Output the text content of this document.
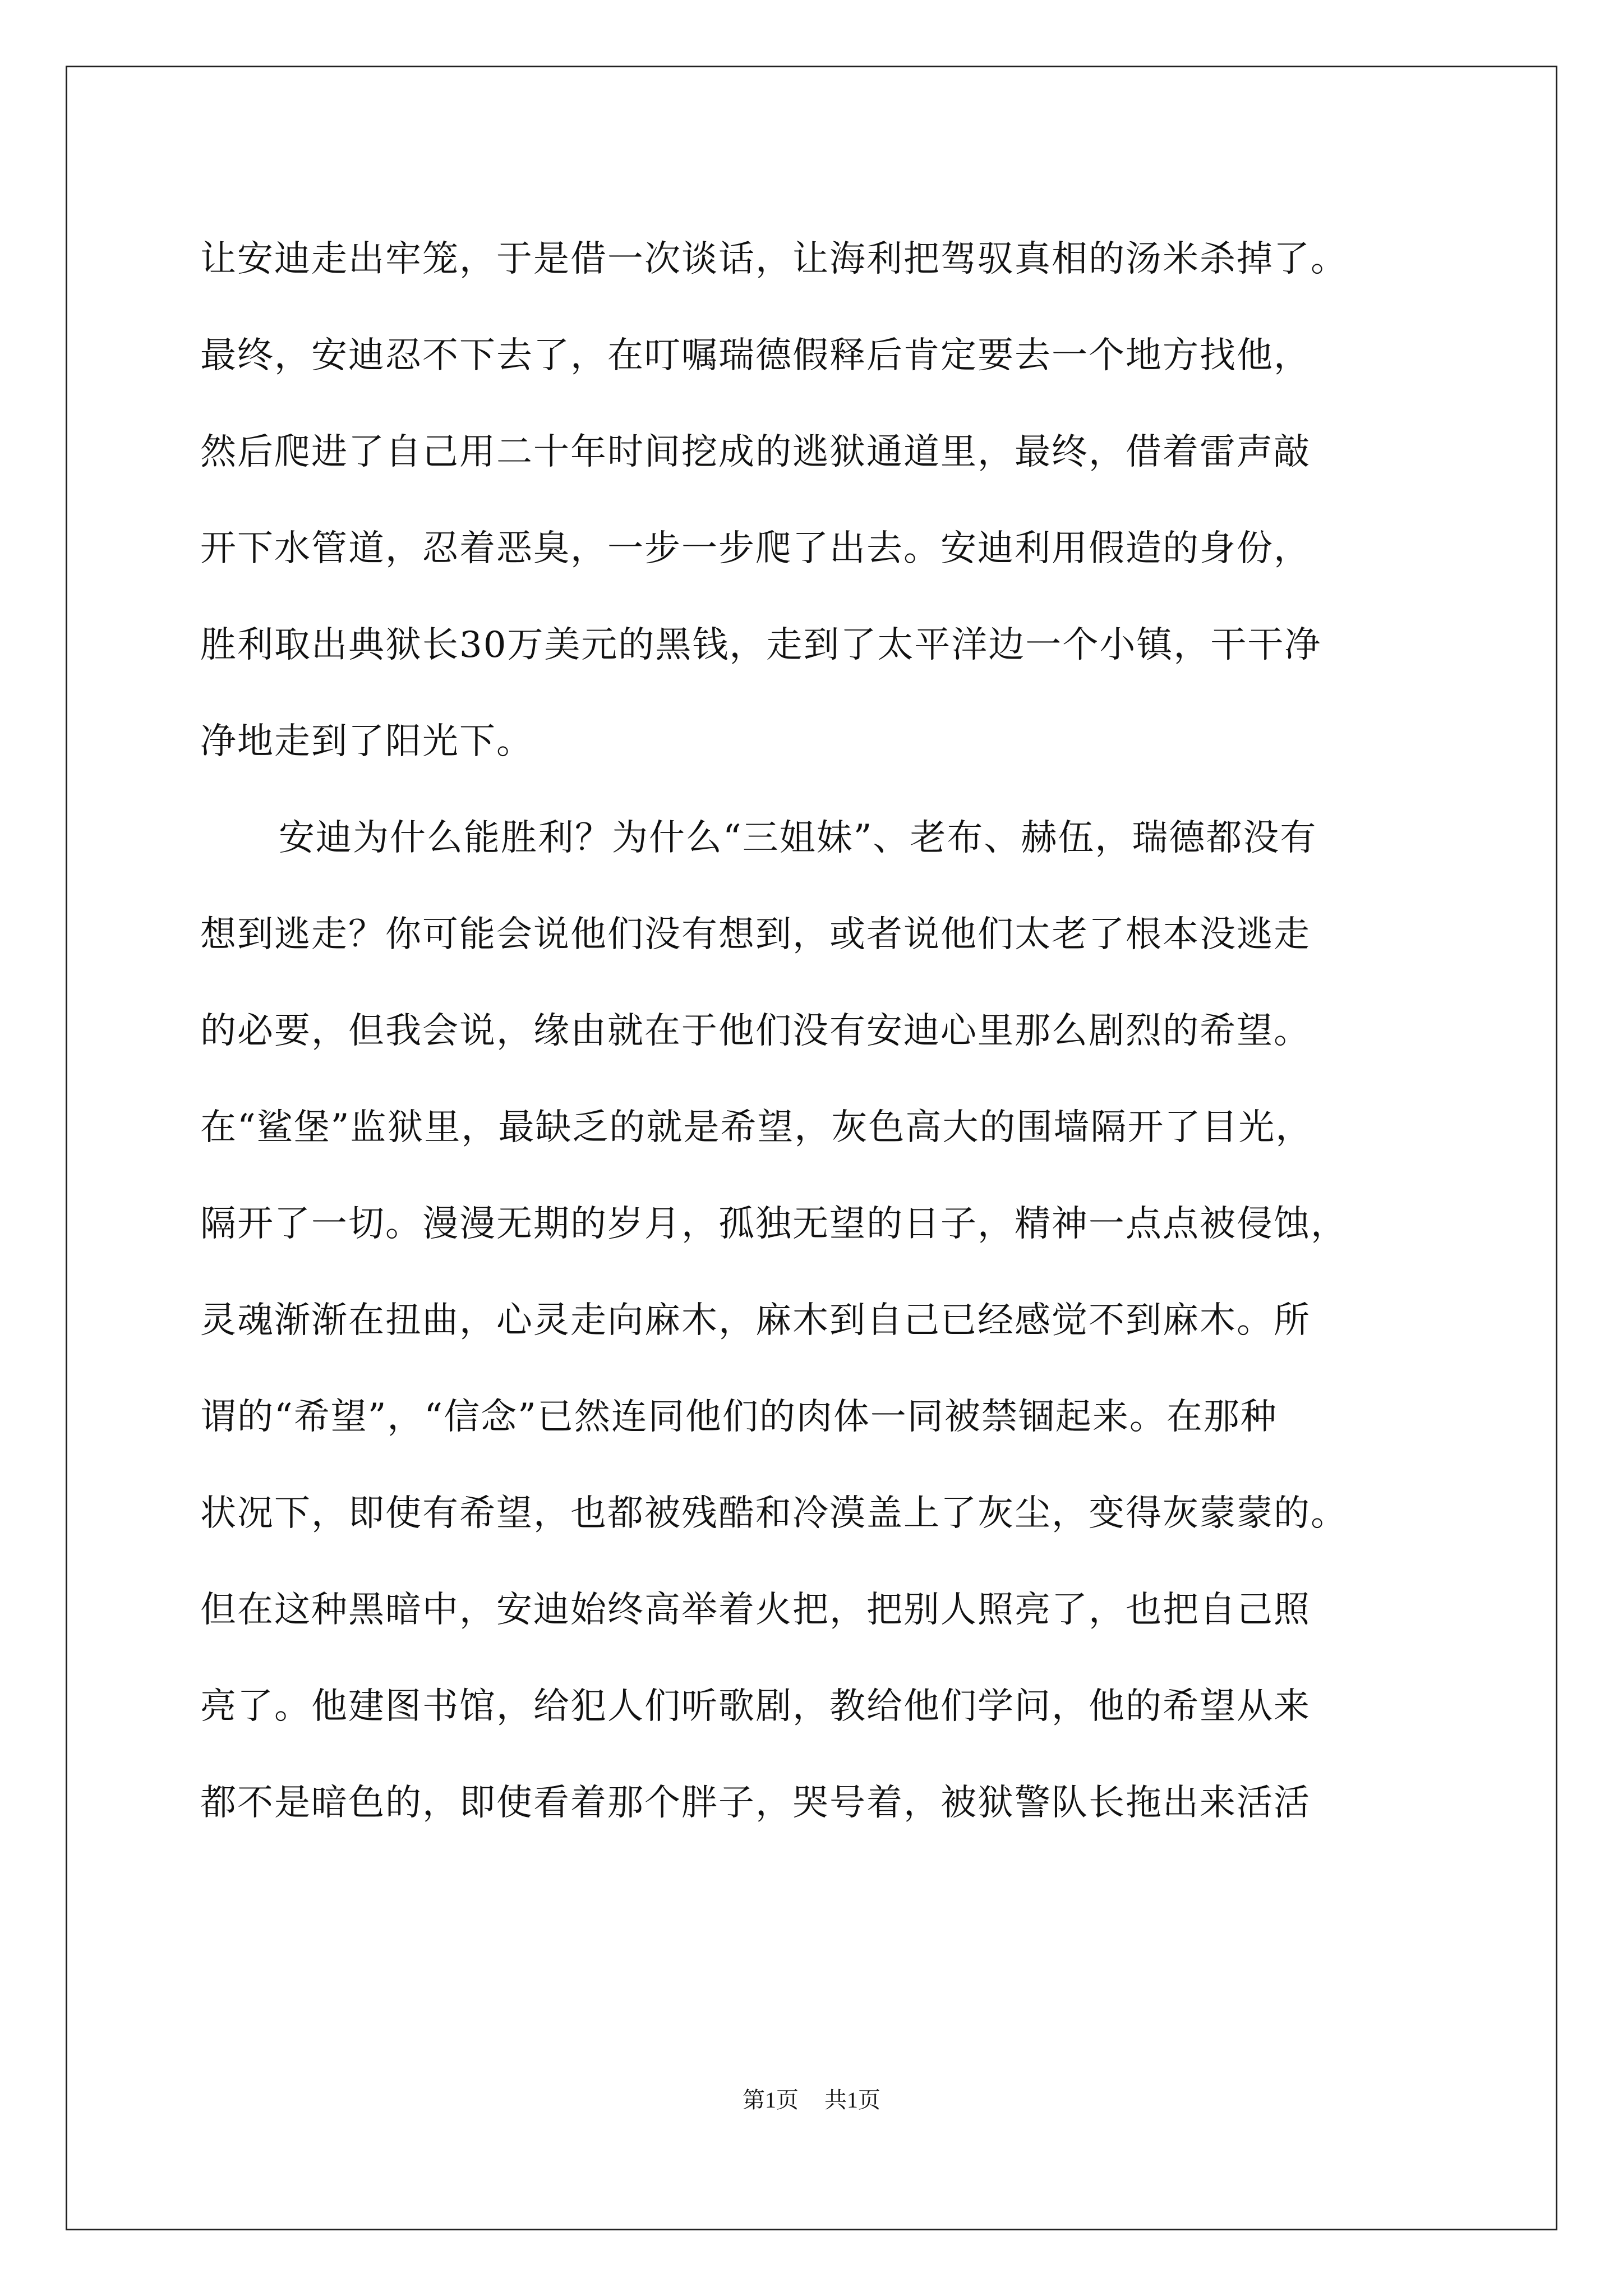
让安迪走出牢笼，于是借一次谈话，让海利把驾驭真相的汤米杀掉了。
最终，安迪忍不下去了，在叮嘱瑞德假释后肯定要去一个地方找他，
然后爬进了自己用二十年时间挖成的逃狱通道里，最终，借着雷声敲
开下水管道，忍着恶臭，一步一步爬了出去。安迪利用假造的身份，
胜利取出典狱长30万美元的黑钱，走到了太平洋边一个小镇，干干净
净地走到了阳光下。
安迪为什么能胜利？为什么“三姐妹”、老布、赫伍，瑞德都没有
想到逃走？你可能会说他们没有想到，或者说他们太老了根本没逃走
的必要，但我会说，缘由就在于他们没有安迪心里那么剧烈的希望。
在“鲨堡”监狱里，最缺乏的就是希望，灰色高大的围墙隔开了目光，
隔开了一切。漫漫无期的岁月，孤独无望的日子，精神一点点被侵蚀，
灵魂渐渐在扭曲，心灵走向麻木，麻木到自己已经感觉不到麻木。所
谓的“希望”，“信念”已然连同他们的肉体一同被禁锢起来。在那种
状况下，即使有希望，也都被残酷和冷漠盖上了灰尘，变得灰蒙蒙的。
但在这种黑暗中，安迪始终高举着火把，把别人照亮了，也把自己照
亮了。他建图书馆，给犯人们听歌剧，教给他们学问，他的希望从来
都不是暗色的，即使看着那个胖子，哭号着，被狱警队长拖出来活活
第1页 共1页
